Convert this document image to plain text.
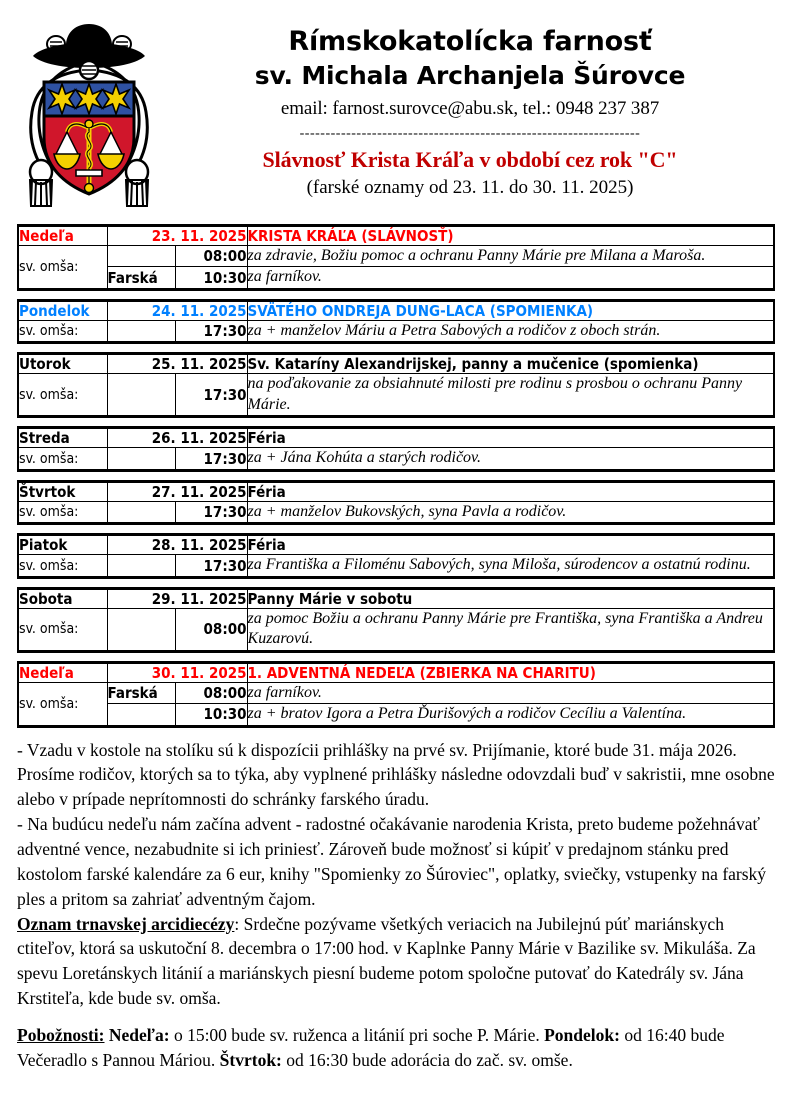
Rímskokatolícka farnosť
sv. Michala Archanjela Šúrovce
email: farnost.surovce@abu.sk, tel.: 0948 237 387
------------------------------------------------------------------
Slávnosť Krista Kráľa v období cez rok "C"
(farské oznamy od 23. 11. do 30. 11. 2025)
Nedeľa	23. 11. 2025		KRISTA KRÁĽA (SLÁVNOSŤ)
sv. omša:		08:00	za zdravie, Božiu pomoc a ochranu Panny Márie pre Milana a Maroša.
	Farská	10:30	za farníkov.
Pondelok	24. 11. 2025		SVÄTÉHO ONDREJA DUNG-LACA (SPOMIENKA)
sv. omša:		17:30	za + manželov Máriu a Petra Sabových a rodičov z oboch strán.
Utorok	25. 11. 2025		Sv. Kataríny Alexandrijskej, panny a mučenice (spomienka)
sv. omša:		17:30	na poďakovanie za obsiahnuté milosti pre rodinu s prosbou o ochranu Panny Márie.
Streda	26. 11. 2025		Féria
sv. omša:		17:30	za + Jána Kohúta a starých rodičov.
Štvrtok	27. 11. 2025		Féria
sv. omša:		17:30	za + manželov Bukovských, syna Pavla a rodičov.
Piatok	28. 11. 2025		Féria
sv. omša:		17:30	za Františka a Filoménu Sabových, syna Miloša, súrodencov a ostatnú rodinu.
Sobota	29. 11. 2025		Panny Márie v sobotu
sv. omša:		08:00	za pomoc Božiu a ochranu Panny Márie pre Františka, syna Františka a Andreu Kuzarovú.
Nedeľa	30. 11. 2025		1. ADVENTNÁ NEDEĽA (ZBIERKA NA CHARITU)
sv. omša:	Farská	08:00	za farníkov.
		10:30	za + bratov Igora a Petra Ďurišových a rodičov Cecíliu a Valentína.

- Vzadu v kostole na stolíku sú k dispozícii prihlášky na prvé sv. Prijímanie, ktoré bude 31. mája 2026. Prosíme rodičov, ktorých sa to týka, aby vyplnené prihlášky následne odovzdali buď v sakristii, mne osobne alebo v prípade neprítomnosti do schránky farského úradu.

- Na budúcu nedeľu nám začína advent - radostné očakávanie narodenia Krista, preto budeme požehnávať adventné vence, nezabudnite si ich priniesť. Zároveň bude možnosť si kúpiť v predajnom stánku pred kostolom farské kalendáre za 6 eur, knihy "Spomienky zo Šúroviec", oplatky, sviečky, vstupenky na farský ples a pritom sa zahriať adventným čajom.

Oznam trnavskej arcidiecézy: Srdečne pozývame všetkých veriacich na Jubilejnú púť mariánskych ctiteľov, ktorá sa uskutoční 8. decembra o 17:00 hod. v Kaplnke Panny Márie v Bazilike sv. Mikuláša. Za spevu Loretánskych litánií a mariánskych piesní budeme potom spoločne putovať do Katedrály sv. Jána Krstiteľa, kde bude sv. omša.

Pobožnosti: Nedeľa: o 15:00 bude sv. ruženca a litánií pri soche P. Márie. Pondelok: od 16:40 bude Večeradlo s Pannou Máriou. Štvrtok: od 16:30 bude adorácia do zač. sv. omše.
